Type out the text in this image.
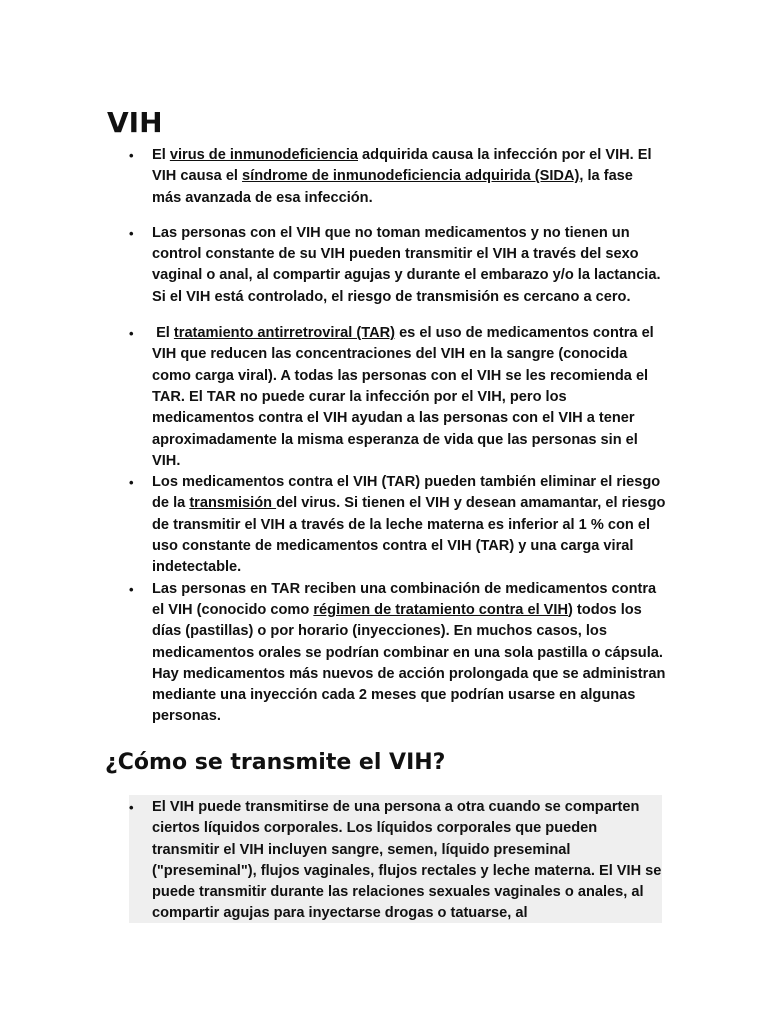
VIH
• El virus de inmunodeficiencia adquirida causa la infección por el VIH. El VIH causa el síndrome de inmunodeficiencia adquirida (SIDA), la fase más avanzada de esa infección.
• Las personas con el VIH que no toman medicamentos y no tienen un control constante de su VIH pueden transmitir el VIH a través del sexo vaginal o anal, al compartir agujas y durante el embarazo y/o la lactancia. Si el VIH está controlado, el riesgo de transmisión es cercano a cero.
• El tratamiento antirretroviral (TAR) es el uso de medicamentos contra el VIH que reducen las concentraciones del VIH en la sangre (conocida como carga viral). A todas las personas con el VIH se les recomienda el TAR. El TAR no puede curar la infección por el VIH, pero los medicamentos contra el VIH ayudan a las personas con el VIH a tener aproximadamente la misma esperanza de vida que las personas sin el VIH.
• Los medicamentos contra el VIH (TAR) pueden también eliminar el riesgo de la transmisión del virus. Si tienen el VIH y desean amamantar, el riesgo de transmitir el VIH a través de la leche materna es inferior al 1 % con el uso constante de medicamentos contra el VIH (TAR) y una carga viral indetectable.
• Las personas en TAR reciben una combinación de medicamentos contra el VIH (conocido como régimen de tratamiento contra el VIH) todos los días (pastillas) o por horario (inyecciones). En muchos casos, los medicamentos orales se podrían combinar en una sola pastilla o cápsula. Hay medicamentos más nuevos de acción prolongada que se administran mediante una inyección cada 2 meses que podrían usarse en algunas personas.
¿Cómo se transmite el VIH?
• El VIH puede transmitirse de una persona a otra cuando se comparten ciertos líquidos corporales. Los líquidos corporales que pueden transmitir el VIH incluyen sangre, semen, líquido preseminal ("preseminal"), flujos vaginales, flujos rectales y leche materna. El VIH se puede transmitir durante las relaciones sexuales vaginales o anales, al compartir agujas para inyectarse drogas o tatuarse, al
